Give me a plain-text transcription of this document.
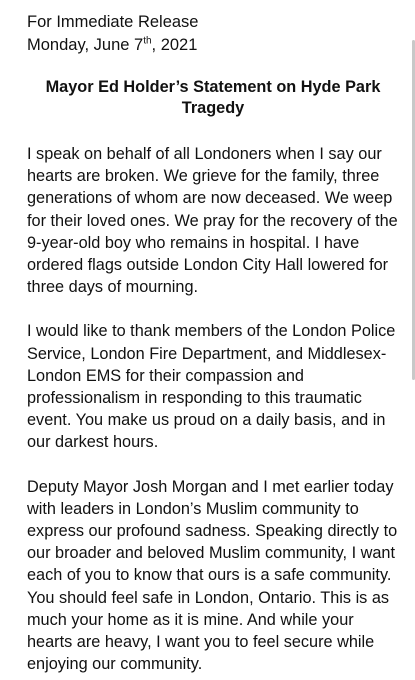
For Immediate Release

Monday, June 7th, 2021

Mayor Ed Holder’s Statement on Hyde Park Tragedy

I speak on behalf of all Londoners when I say our hearts are broken. We grieve for the family, three generations of whom are now deceased. We weep for their loved ones. We pray for the recovery of the 9-year-old boy who remains in hospital. I have ordered flags outside London City Hall lowered for three days of mourning.

I would like to thank members of the London Police Service, London Fire Department, and Middlesex-London EMS for their compassion and professionalism in responding to this traumatic event. You make us proud on a daily basis, and in our darkest hours.

Deputy Mayor Josh Morgan and I met earlier today with leaders in London’s Muslim community to express our profound sadness. Speaking directly to our broader and beloved Muslim community, I want each of you to know that ours is a safe community. You should feel safe in London, Ontario. This is as much your home as it is mine. And while your hearts are heavy, I want you to feel secure while enjoying our community.
